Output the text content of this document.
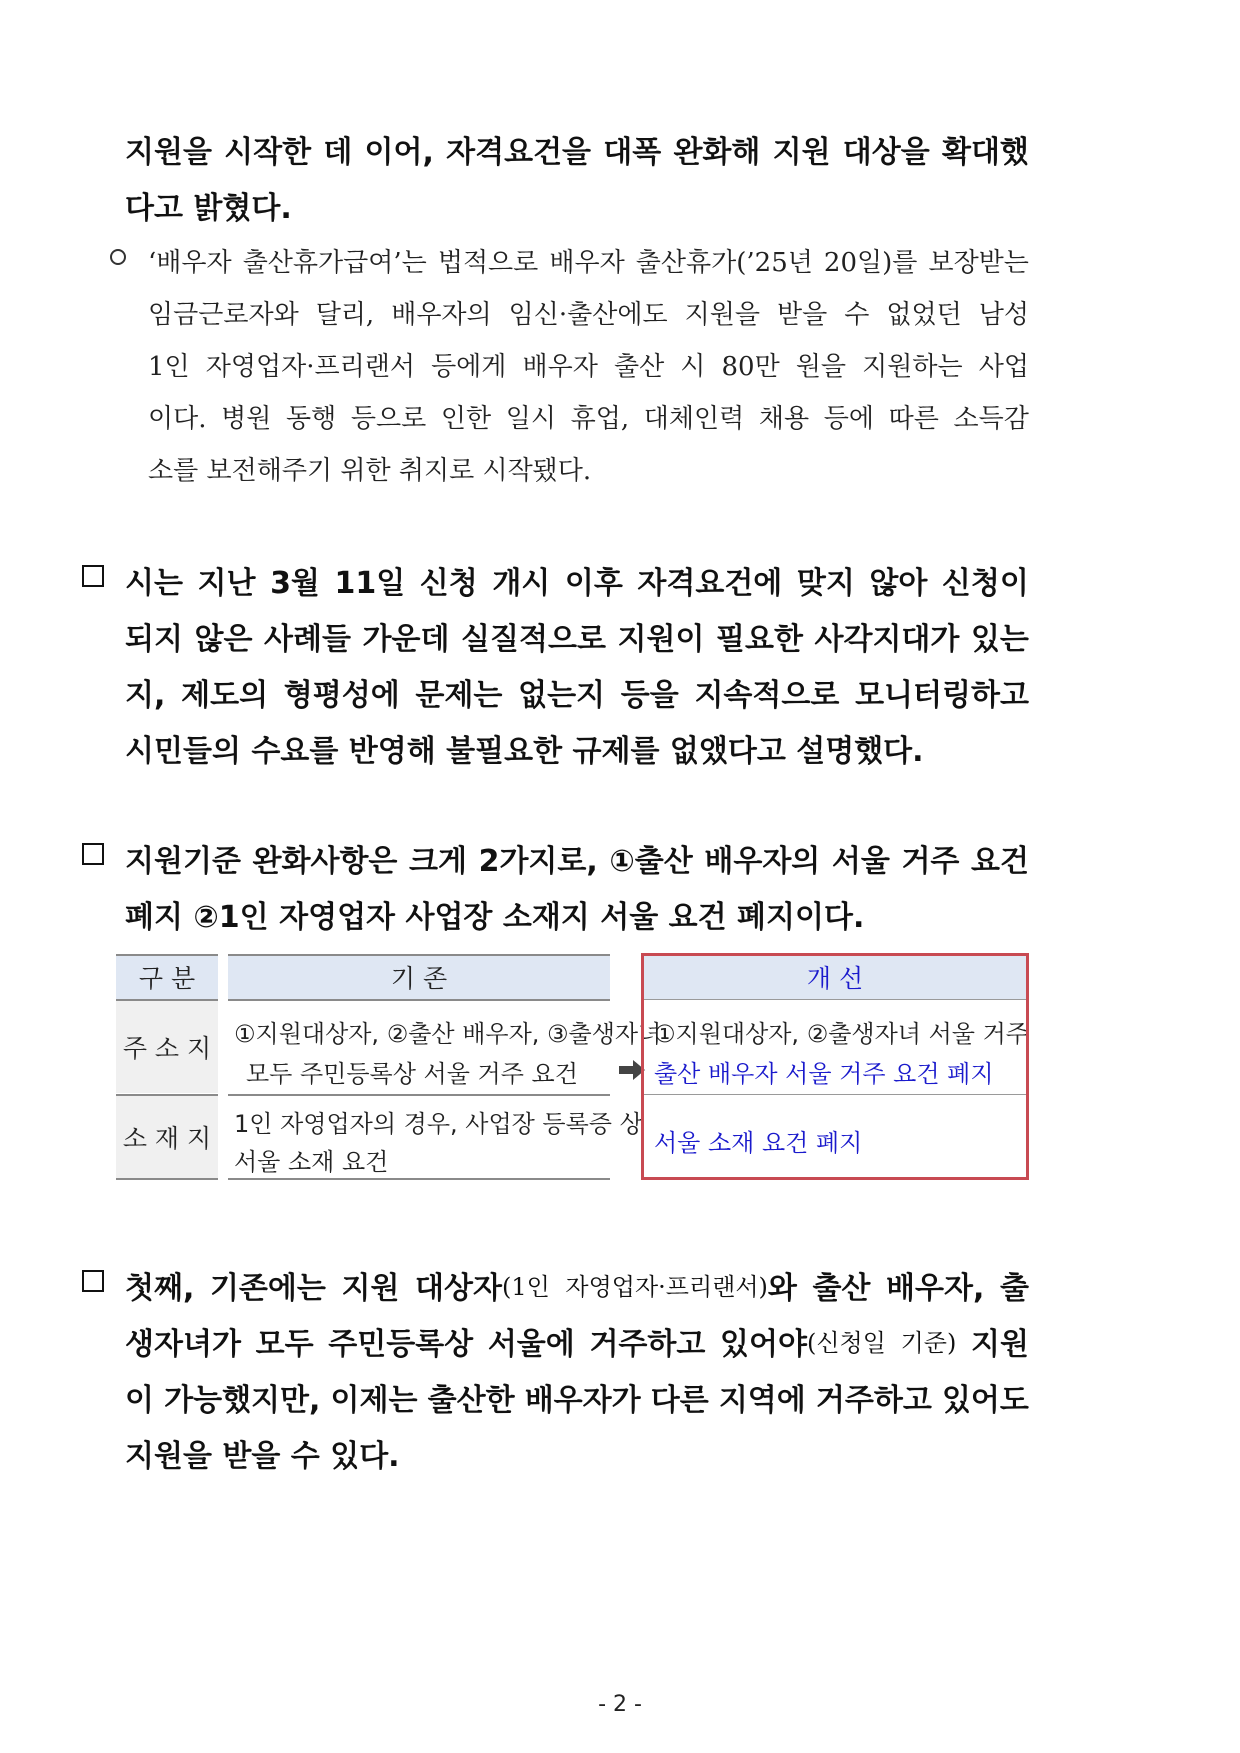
지원을 시작한 데 이어, 자격요건을 대폭 완화해 지원 대상을 확대했
다고 밝혔다.
‘배우자 출산휴가급여’는 법적으로 배우자 출산휴가(’25년 20일)를 보장받는
임금근로자와 달리, 배우자의 임신·출산에도 지원을 받을 수 없었던 남성
1인 자영업자·프리랜서 등에게 배우자 출산 시 80만 원을 지원하는 사업
이다. 병원 동행 등으로 인한 일시 휴업, 대체인력 채용 등에 따른 소득감
소를 보전해주기 위한 취지로 시작됐다.
시는 지난 3월 11일 신청 개시 이후 자격요건에 맞지 않아 신청이
되지 않은 사례들 가운데 실질적으로 지원이 필요한 사각지대가 있는
지, 제도의 형평성에 문제는 없는지 등을 지속적으로 모니터링하고
시민들의 수요를 반영해 불필요한 규제를 없앴다고 설명했다.
지원기준 완화사항은 크게 2가지로, ①출산 배우자의 서울 거주 요건
폐지 ②1인 자영업자 사업장 소재지 서울 요건 폐지이다.
구 분	기 존	개 선
주 소 지 ①지원대상자, ②출산 배우자, ③출생자녀
모두 주민등록상 서울 거주 요건
①지원대상자, ②출생자녀 서울 거주
출산 배우자 서울 거주 요건 폐지
소 재 지 1인 자영업자의 경우, 사업장 등록증 상
서울 소재 요건
서울 소재 요건 폐지
첫째, 기존에는 지원 대상자 (1인 자영업자·프리랜서) 와 출산 배우자, 출
생자녀가 모두 주민등록상 서울에 거주하고 있어야 (신청일 기준) 지원
이 가능했지만, 이제는 출산한 배우자가 다른 지역에 거주하고 있어도
지원을 받을 수 있다.
- 2 -
